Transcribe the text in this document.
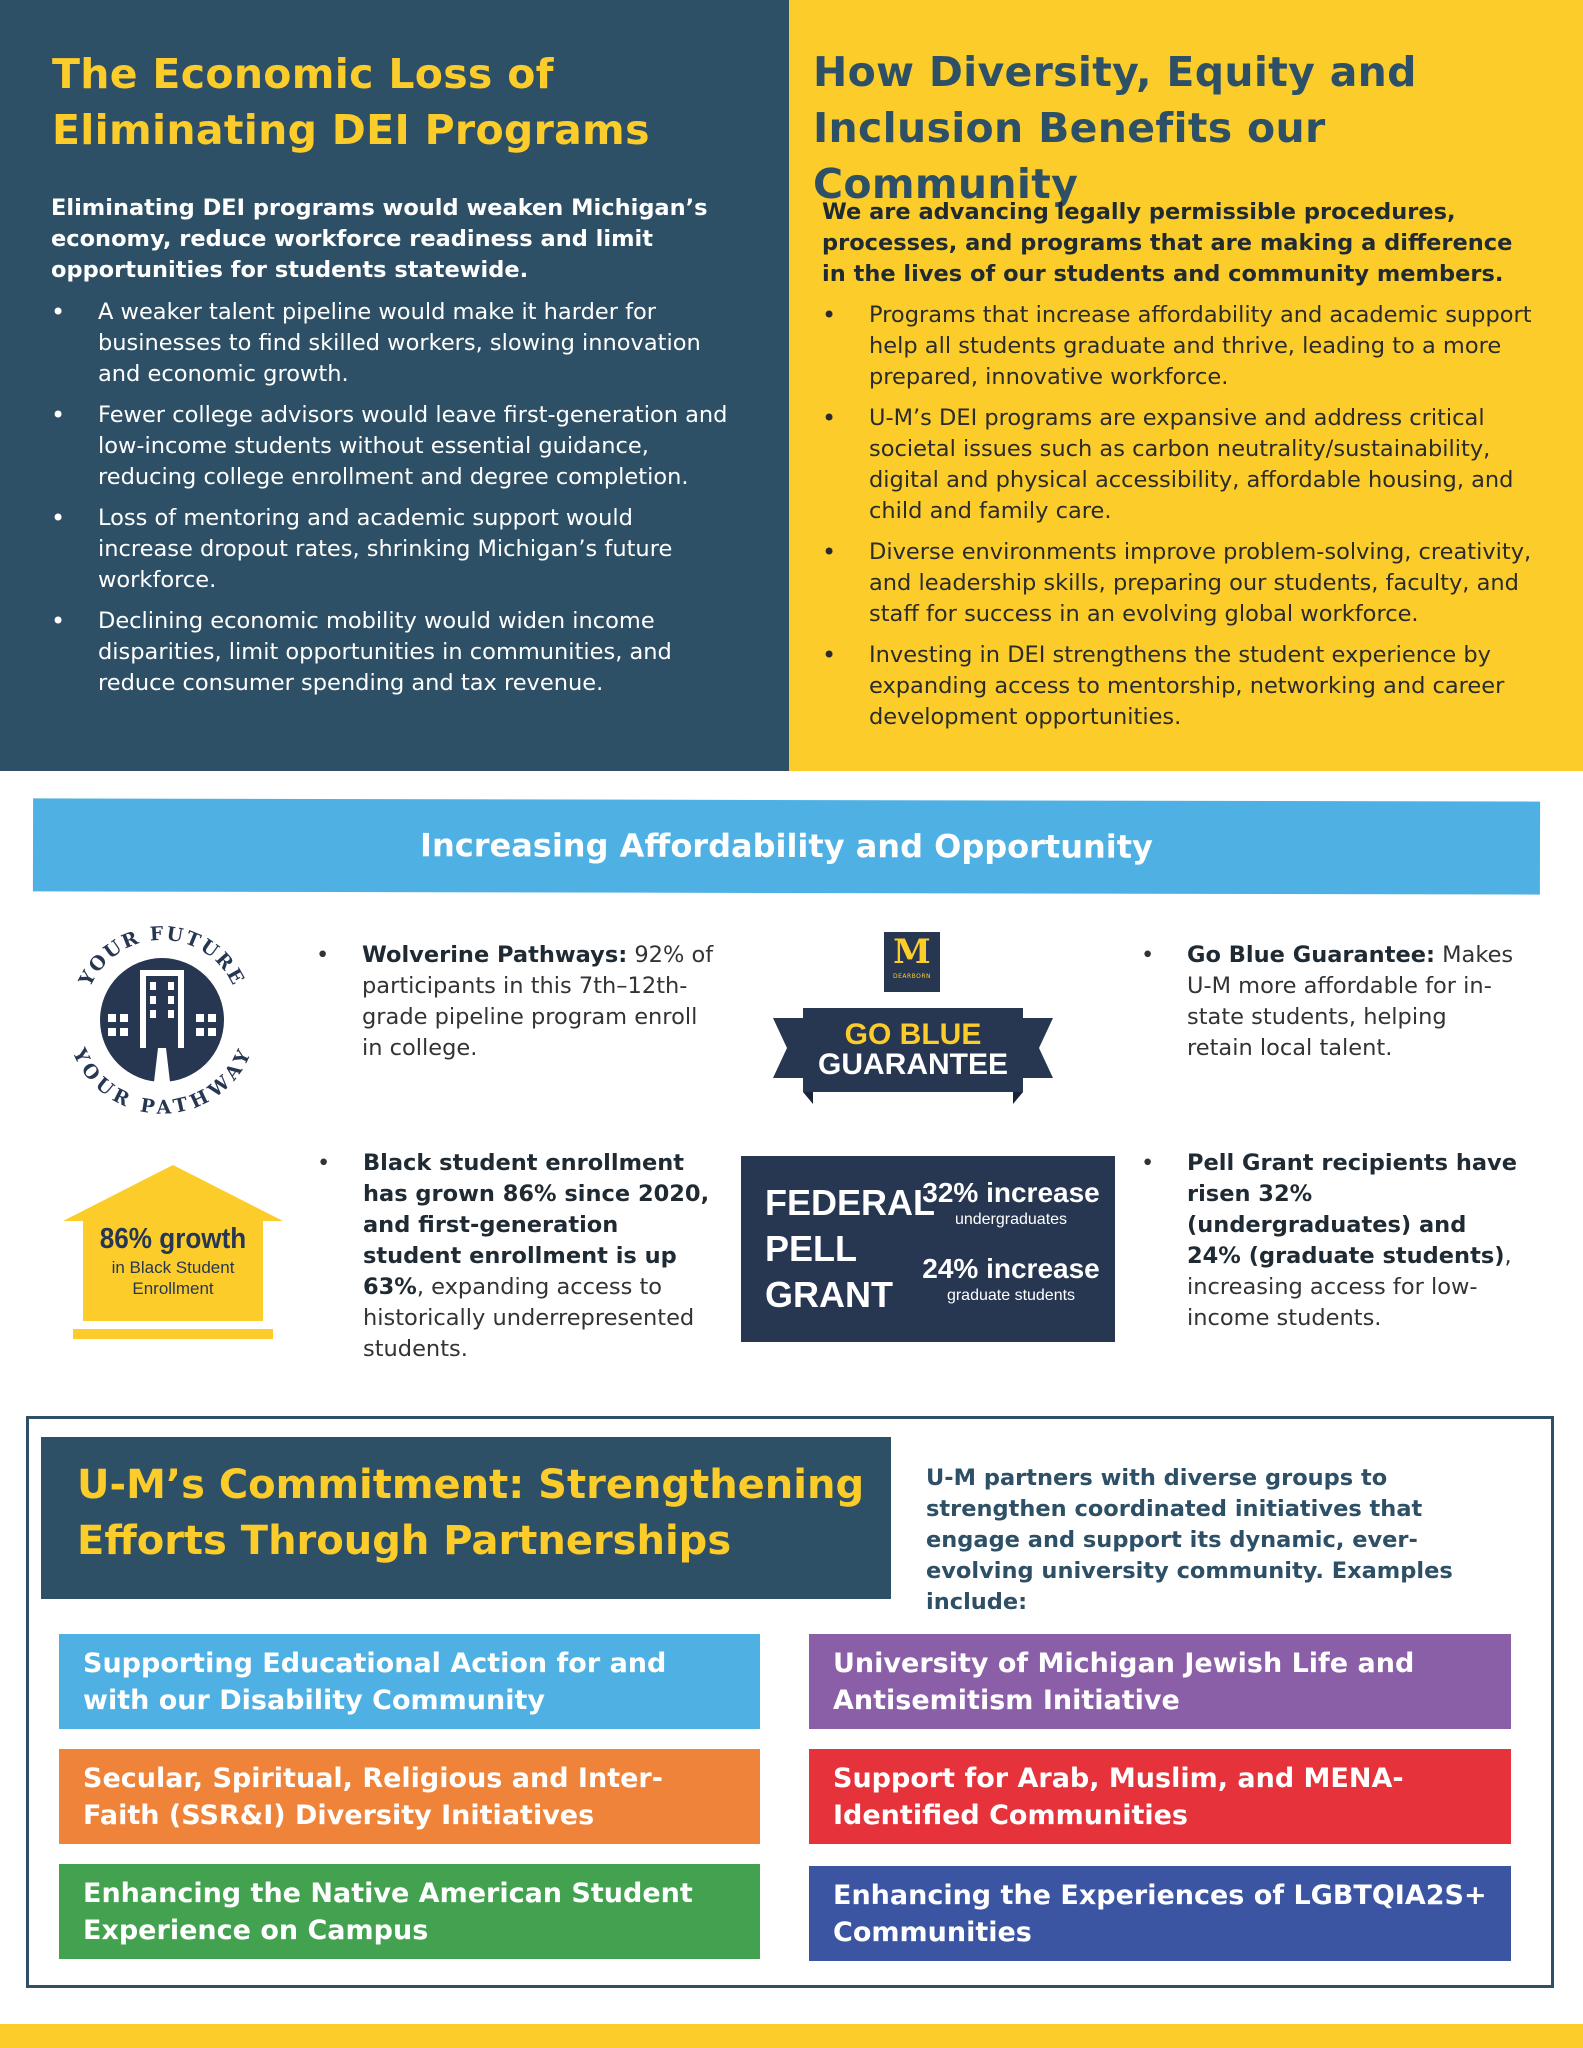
The Economic Loss of
Eliminating DEI Programs
Eliminating DEI programs would weaken Michigan’s economy, reduce workforce readiness and limit opportunities for students statewide.
• A weaker talent pipeline would make it harder for businesses to find skilled workers, slowing innovation and economic growth.
• Fewer college advisors would leave first-generation and low-income students without essential guidance, reducing college enrollment and degree completion.
• Loss of mentoring and academic support would increase dropout rates, shrinking Michigan’s future workforce.
• Declining economic mobility would widen income disparities, limit opportunities in communities, and reduce consumer spending and tax revenue.
How Diversity, Equity and
Inclusion Benefits our Community
We are advancing legally permissible procedures, processes, and programs that are making a difference in the lives of our students and community members.
• Programs that increase affordability and academic support help all students graduate and thrive, leading to a more prepared, innovative workforce.
• U-M’s DEI programs are expansive and address critical societal issues such as carbon neutrality/sustainability, digital and physical accessibility, affordable housing, and child and family care.
• Diverse environments improve problem-solving, creativity, and leadership skills, preparing our students, faculty, and staff for success in an evolving global workforce.
• Investing in DEI strengthens the student experience by expanding access to mentorship, networking and career development opportunities.
Increasing Affordability and Opportunity
YOUR FUTURE
YOUR PATHWAY
• Wolverine Pathways: 92% of participants in this 7th–12th-grade pipeline program enroll in college.
M
DEARBORN
GO BLUE
GUARANTEE
• Go Blue Guarantee: Makes U-M more affordable for in-state students, helping retain local talent.
86% growth
in Black Student
Enrollment
• Black student enrollment has grown 86% since 2020, and first-generation student enrollment is up 63%, expanding access to historically underrepresented students.
FEDERAL
PELL
GRANT
32% increase
undergraduates
24% increase
graduate students
• Pell Grant recipients have risen 32% (undergraduates) and 24% (graduate students), increasing access for low-income students.
U-M’s Commitment: Strengthening
Efforts Through Partnerships
U-M partners with diverse groups to strengthen coordinated initiatives that engage and support its dynamic, ever-evolving university community. Examples include:
Supporting Educational Action for and with our Disability Community
University of Michigan Jewish Life and Antisemitism Initiative
Secular, Spiritual, Religious and Inter-Faith (SSR&I) Diversity Initiatives
Support for Arab, Muslim, and MENA-Identified Communities
Enhancing the Native American Student Experience on Campus
Enhancing the Experiences of LGBTQIA2S+ Communities
